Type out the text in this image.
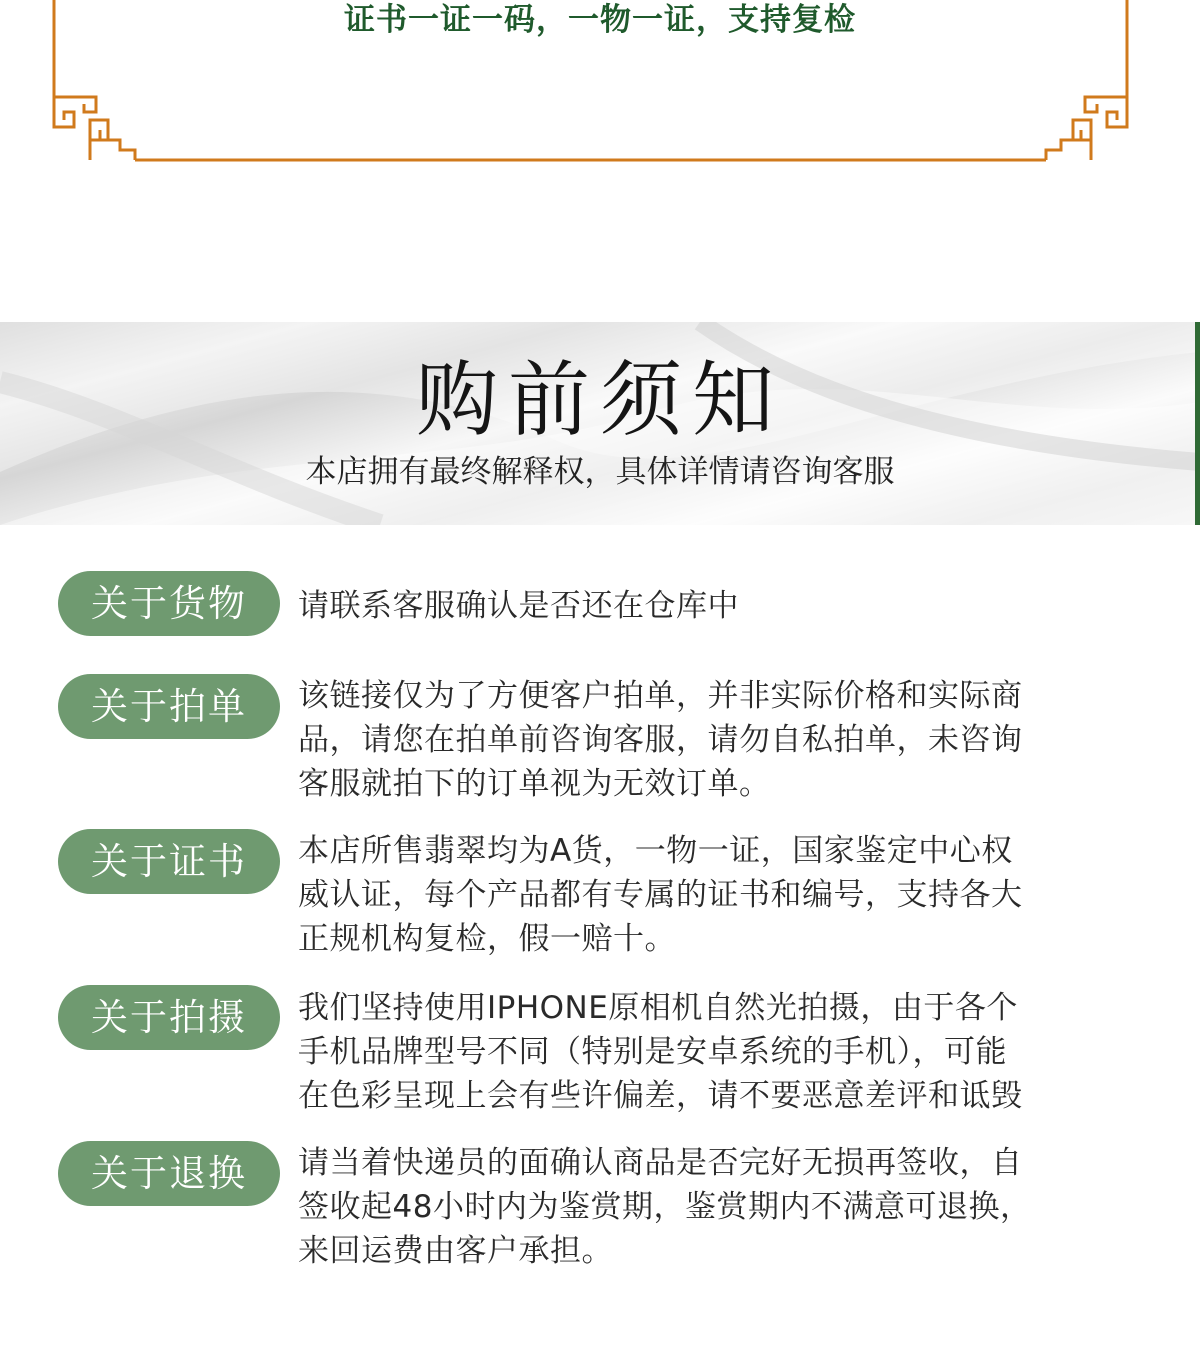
证书一证一码，一物一证，支持复检
购前须知
本店拥有最终解释权，具体详情请咨询客服
关于货物	请联系客服确认是否还在仓库中
关于拍单	该链接仅为了方便客户拍单，并非实际价格和实际商
品，请您在拍单前咨询客服，请勿自私拍单，未咨询
客服就拍下的订单视为无效订单。
关于证书	本店所售翡翠均为A货，一物一证，国家鉴定中心权
威认证，每个产品都有专属的证书和编号，支持各大
正规机构复检，假一赔十。
关于拍摄	我们坚持使用IPHONE原相机自然光拍摄，由于各个
手机品牌型号不同（特别是安卓系统的手机），可能
在色彩呈现上会有些许偏差，请不要恶意差评和诋毁
关于退换	请当着快递员的面确认商品是否完好无损再签收，自
签收起48小时内为鉴赏期，鉴赏期内不满意可退换，
来回运费由客户承担。
